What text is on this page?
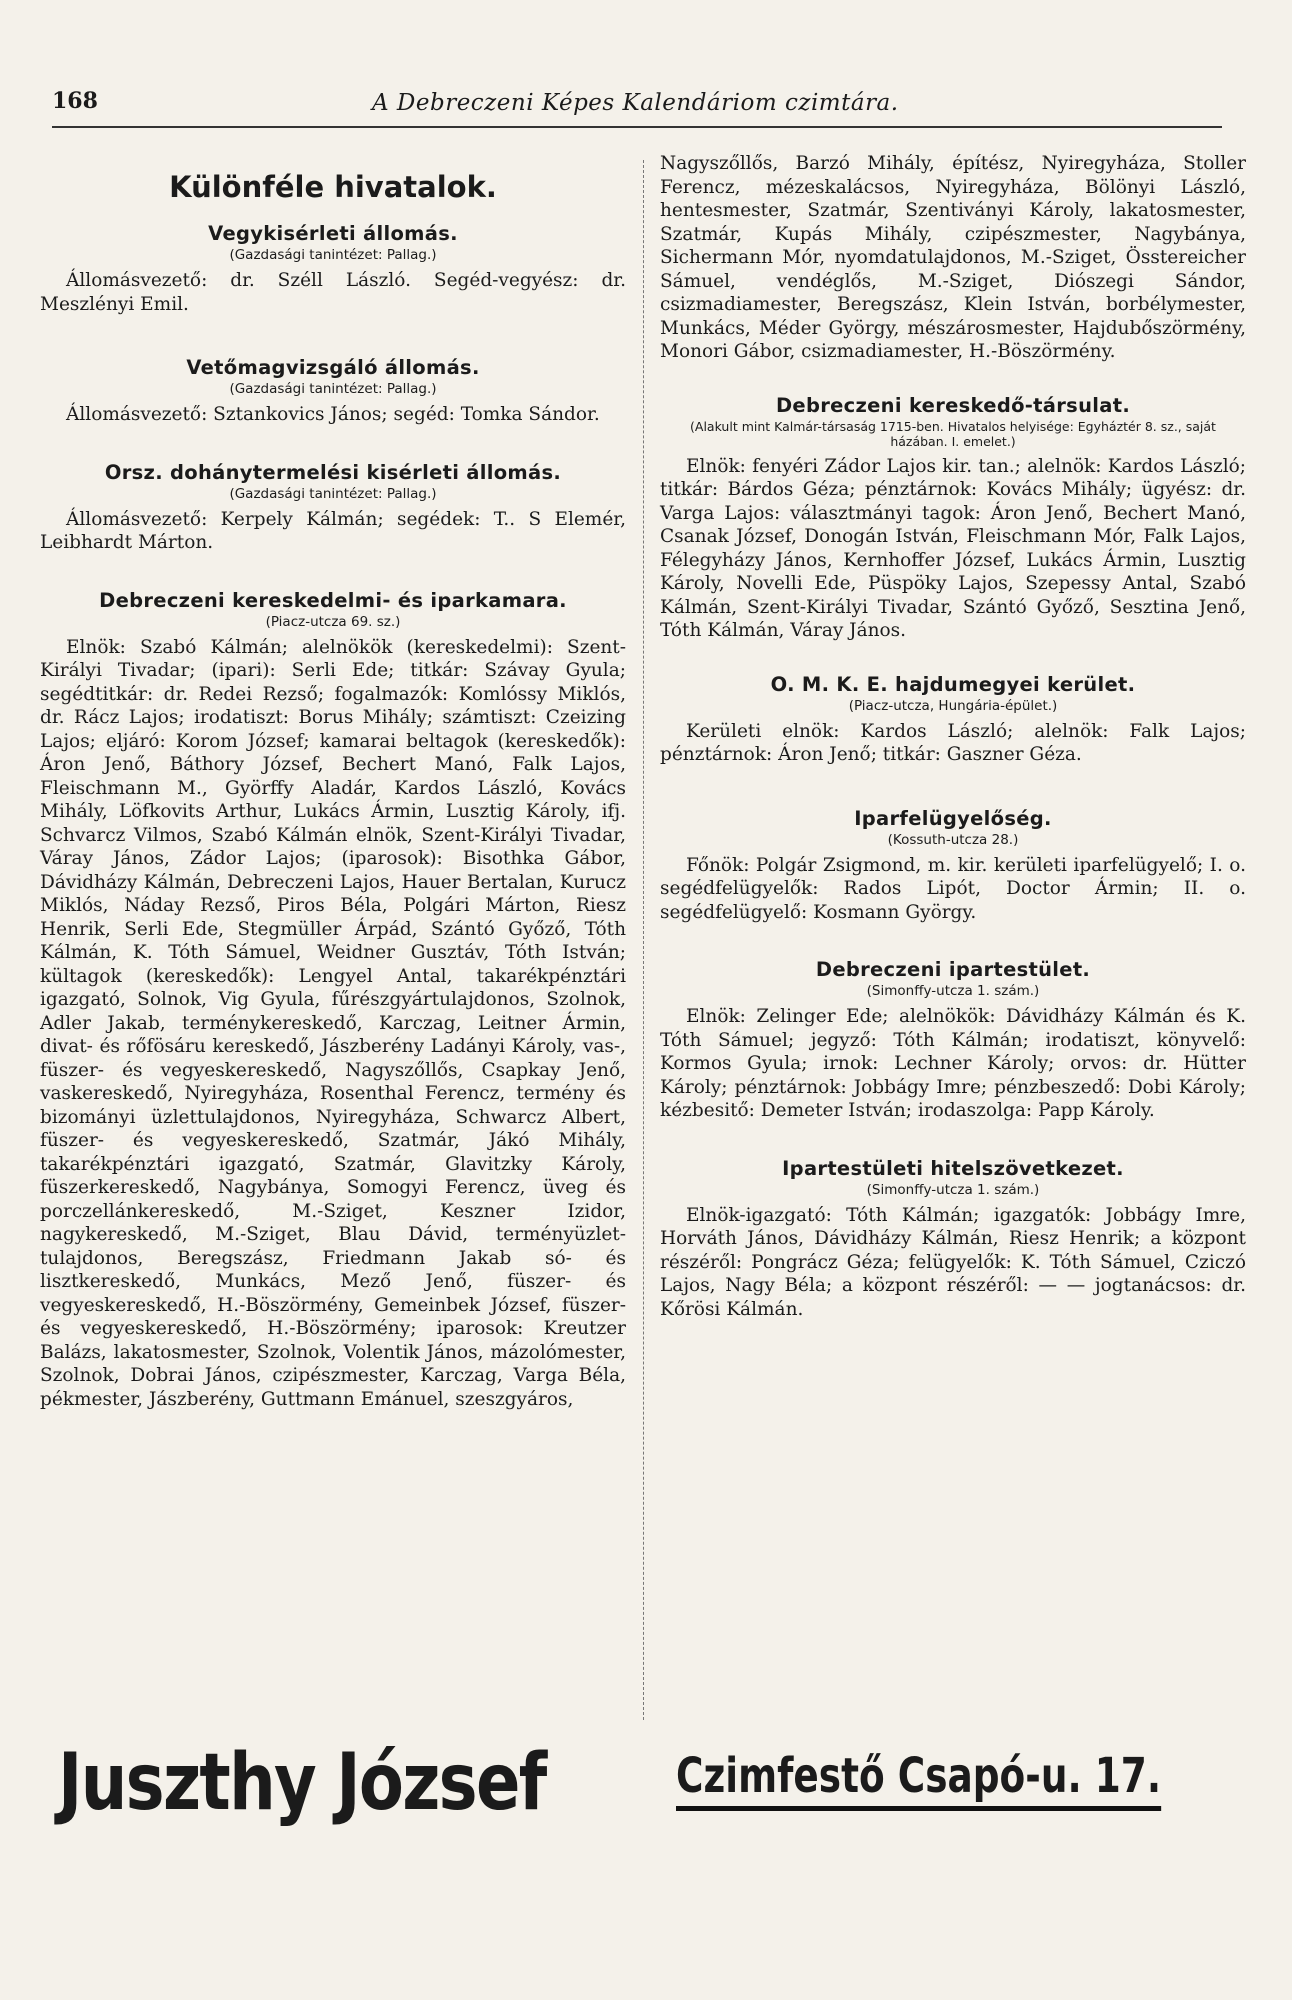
168	A Debreczeni Képes Kalendáriom czimtára.
Különféle hivatalok.
Vegykisérleti állomás.
(Gazdasági tanintézet: Pallag.)

Állomásvezető: dr. Széll László. Segéd-vegyész: dr. Meszlényi Emil.

Vetőmagvizsgáló állomás.
(Gazdasági tanintézet: Pallag.)

Állomásvezető: Sztankovics János; segéd: Tomka Sándor.

Orsz. dohánytermelési kisérleti állomás.
(Gazdasági tanintézet: Pallag.)

Állomásvezető: Kerpely Kálmán; segédek: T.. S Elemér, Leibhardt Márton.

Debreczeni kereskedelmi- és iparkamara.
(Piacz-utcza 69. sz.)

Elnök: Szabó Kálmán; alelnökök (kereskedelmi): Szent-Királyi Tivadar; (ipari): Serli Ede; titkár: Szávay Gyula; segédtitkár: dr. Redei Rezső; fogalmazók: Komlóssy Miklós, dr. Rácz Lajos; irodatiszt: Borus Mihály; számtiszt: Czeizing Lajos; eljáró: Korom József; kamarai beltagok (kereskedők): Áron Jenő, Báthory József, Bechert Manó, Falk Lajos, Fleischmann M., Györffy Aladár, Kardos László, Kovács Mihály, Löfkovits Arthur, Lukács Ármin, Lusztig Károly, ifj. Schvarcz Vilmos, Szabó Kálmán elnök, Szent-Királyi Tivadar, Váray János, Zádor Lajos; (iparosok): Bisothka Gábor, Dávidházy Kálmán, Debreczeni Lajos, Hauer Bertalan, Kurucz Miklós, Náday Rezső, Piros Béla, Polgári Márton, Riesz Henrik, Serli Ede, Stegmüller Árpád, Szántó Győző, Tóth Kálmán, K. Tóth Sámuel, Weidner Gusztáv, Tóth István; kültagok (kereskedők): Lengyel Antal, takarékpénztári igazgató, Solnok, Vig Gyula, fűrészgyártulajdonos, Szolnok, Adler Jakab, terménykereskedő, Karczag, Leitner Ármin, divat- és rőfösáru kereskedő, Jászberény Ladányi Károly, vas-, füszer- és vegyeskereskedő, Nagyszőllős, Csapkay Jenő, vaskereskedő, Nyiregyháza, Rosenthal Ferencz, termény és bizományi üzlettulajdonos, Nyiregyháza, Schwarcz Albert, füszer- és vegyeskereskedő, Szatmár, Jákó Mihály, takarékpénztári igazgató, Szatmár, Glavitzky Károly, füszerkereskedő, Nagybánya, Somogyi Ferencz, üveg és porczellánkereskedő, M.-Sziget, Keszner Izidor, nagykereskedő, M.-Sziget, Blau Dávid, terményüzlet-tulajdonos, Beregszász, Friedmann Jakab só- és lisztkereskedő, Munkács, Mező Jenő, füszer- és vegyeskereskedő, H.-Böszörmény, Gemeinbek József, füszer- és vegyeskereskedő, H.-Böszörmény; iparosok: Kreutzer Balázs, lakatosmester, Szolnok, Volentik János, mázolómester, Szolnok, Dobrai János, czipészmester, Karczag, Varga Béla, pékmester, Jászberény, Guttmann Emánuel, szeszgyáros,

Nagyszőllős, Barzó Mihály, építész, Nyiregyháza, Stoller Ferencz, mézeskalácsos, Nyiregyháza, Bölönyi László, hentesmester, Szatmár, Szentiványi Károly, lakatosmester, Szatmár, Kupás Mihály, czipészmester, Nagybánya, Sichermann Mór, nyomdatulajdonos, M.-Sziget, Össtereicher Sámuel, vendéglős, M.-Sziget, Diószegi Sándor, csizmadiamester, Beregszász, Klein István, borbélymester, Munkács, Méder György, mészárosmester, Hajdubőszörmény, Monori Gábor, csizmadiamester, H.-Böszörmény.

Debreczeni kereskedő-társulat.
(Alakult mint Kalmár-társaság 1715-ben. Hivatalos helyisége: Egyháztér 8. sz., saját házában. I. emelet.)

Elnök: fenyéri Zádor Lajos kir. tan.; alelnök: Kardos László; titkár: Bárdos Géza; pénztárnok: Kovács Mihály; ügyész: dr. Varga Lajos: választmányi tagok: Áron Jenő, Bechert Manó, Csanak József, Donogán István, Fleischmann Mór, Falk Lajos, Félegyházy János, Kernhoffer József, Lukács Ármin, Lusztig Károly, Novelli Ede, Püspöky Lajos, Szepessy Antal, Szabó Kálmán, Szent-Királyi Tivadar, Szántó Győző, Sesztina Jenő, Tóth Kálmán, Váray János.

O. M. K. E. hajdumegyei kerület.
(Piacz-utcza, Hungária-épület.)

Kerületi elnök: Kardos László; alelnök: Falk Lajos; pénztárnok: Áron Jenő; titkár: Gaszner Géza.

Iparfelügyelőség.
(Kossuth-utcza 28.)

Főnök: Polgár Zsigmond, m. kir. kerületi iparfelügyelő; I. o. segédfelügyelők: Rados Lipót, Doctor Ármin; II. o. segédfelügyelő: Kosmann György.

Debreczeni ipartestület.
(Simonffy-utcza 1. szám.)

Elnök: Zelinger Ede; alelnökök: Dávidházy Kálmán és K. Tóth Sámuel; jegyző: Tóth Kálmán; irodatiszt, könyvelő: Kormos Gyula; irnok: Lechner Károly; orvos: dr. Hütter Károly; pénztárnok: Jobbágy Imre; pénzbeszedő: Dobi Károly; kézbesitő: Demeter István; irodaszolga: Papp Károly.

Ipartestületi hitelszövetkezet.
(Simonffy-utcza 1. szám.)

Elnök-igazgató: Tóth Kálmán; igazgatók: Jobbágy Imre, Horváth János, Dávidházy Kálmán, Riesz Henrik; a központ részéről: Pongrácz Géza; felügyelők: K. Tóth Sámuel, Cziczó Lajos, Nagy Béla; a központ részéről: — — jogtanácsos: dr. Kőrösi Kálmán.

Juszthy József	Czimfestő Csapó-u. 17.
